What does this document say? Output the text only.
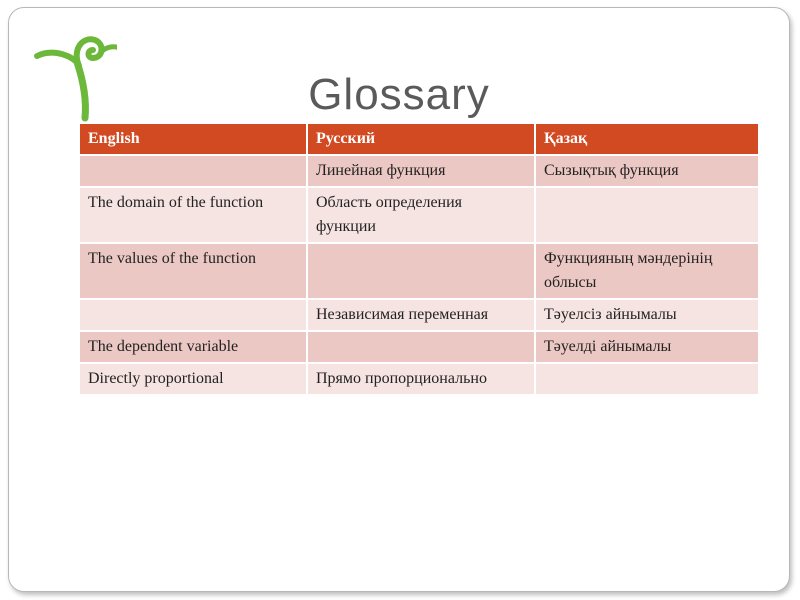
Glossary
English	Русский	Қазақ
	Линейная функция	Сызықтық функция
The domain of the function	Область определения функции	
The values of the function		Функцияның мәндерінің облысы
	Независимая переменная	Тәуелсіз айнымалы
The dependent variable		Тәуелді айнымалы
Directly proportional	Прямо пропорционально	
